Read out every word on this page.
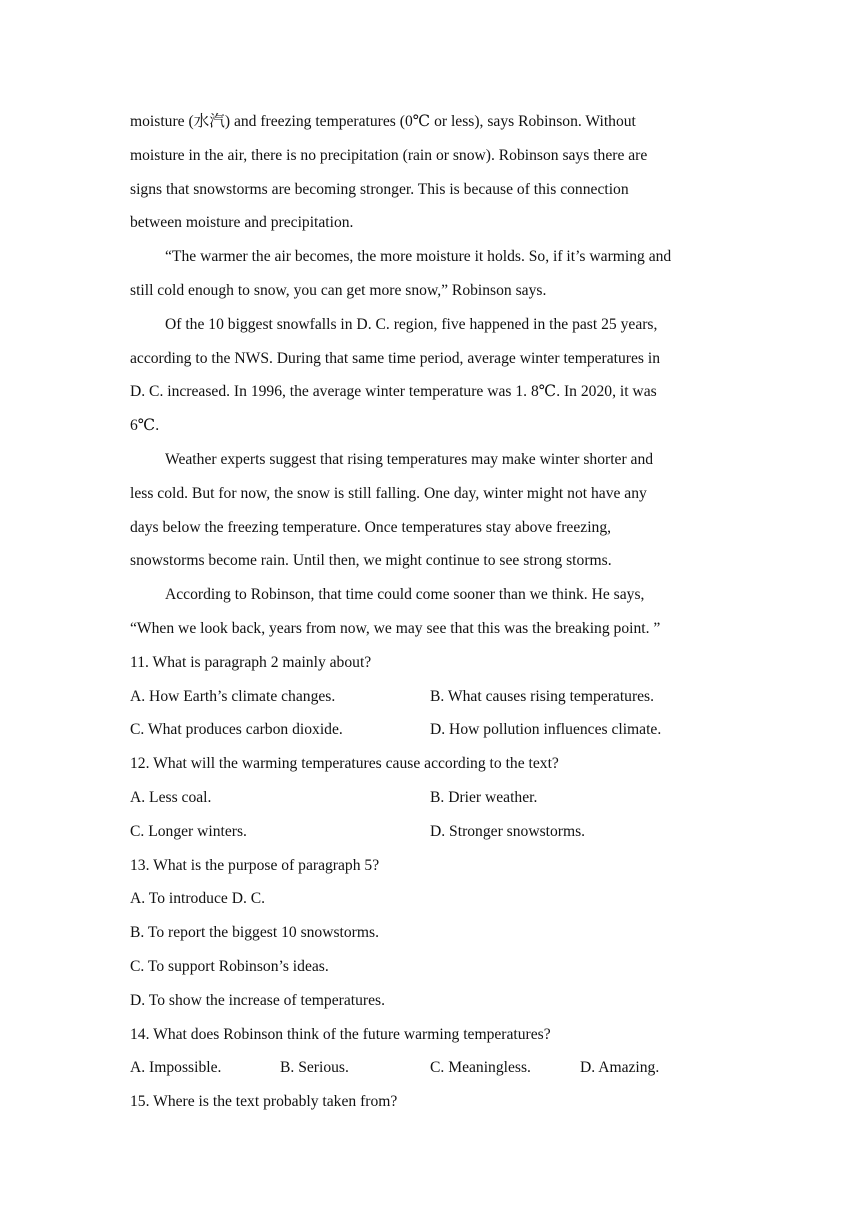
moisture (水汽) and freezing temperatures (0℃ or less), says Robinson. Without
moisture in the air, there is no precipitation (rain or snow). Robinson says there are
signs that snowstorms are becoming stronger. This is because of this connection
between moisture and precipitation.

“The warmer the air becomes, the more moisture it holds. So, if it’s warming and
still cold enough to snow, you can get more snow,” Robinson says.

Of the 10 biggest snowfalls in D. C. region, five happened in the past 25 years,
according to the NWS. During that same time period, average winter temperatures in
D. C. increased. In 1996, the average winter temperature was 1. 8℃. In 2020, it was
6℃.

Weather experts suggest that rising temperatures may make winter shorter and
less cold. But for now, the snow is still falling. One day, winter might not have any
days below the freezing temperature. Once temperatures stay above freezing,
snowstorms become rain. Until then, we might continue to see strong storms.

According to Robinson, that time could come sooner than we think. He says,
“When we look back, years from now, we may see that this was the breaking point. ”

11. What is paragraph 2 mainly about?

A. How Earth’s climate changes.	B. What causes rising temperatures.
C. What produces carbon dioxide.	D. How pollution influences climate.

12. What will the warming temperatures cause according to the text?

A. Less coal.	B. Drier weather.
C. Longer winters.	D. Stronger snowstorms.

13. What is the purpose of paragraph 5?

A. To introduce D. C.
B. To report the biggest 10 snowstorms.
C. To support Robinson’s ideas.
D. To show the increase of temperatures.

14. What does Robinson think of the future warming temperatures?

A. Impossible.	B. Serious.	C. Meaningless.	D. Amazing.

15. Where is the text probably taken from?
